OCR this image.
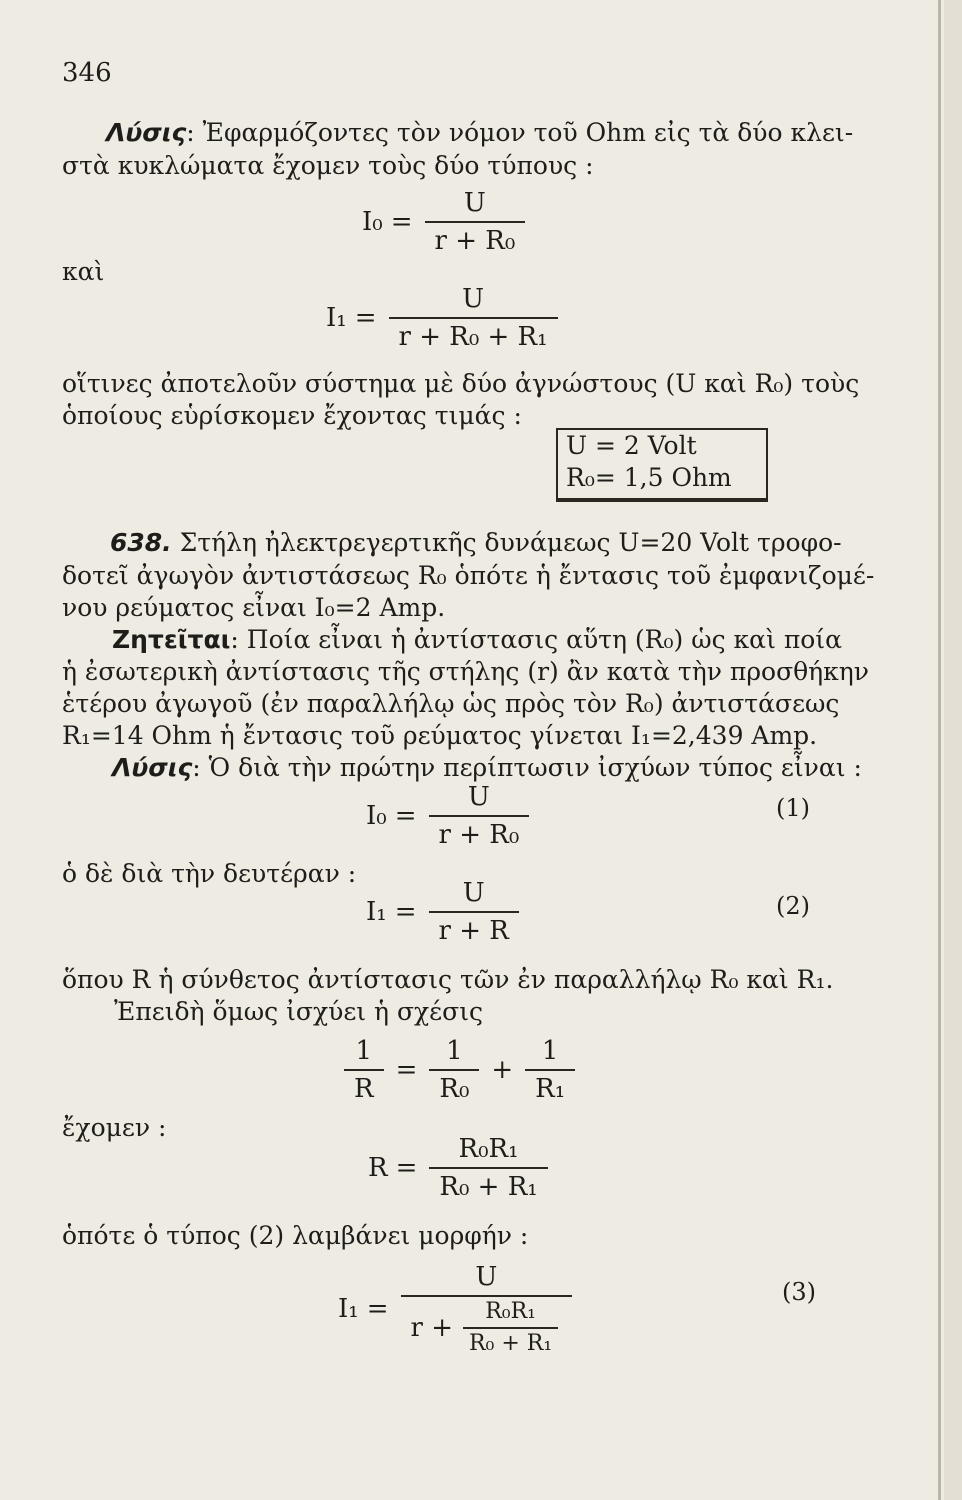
346
Λύσις: Ἐφαρμόζοντες τὸν νόμον τοῦ Ohm εἰς τὰ δύο κλει-
στὰ κυκλώματα ἔχομεν τοὺς δύο τύπους :
$I_0 = \frac{U}{\text{r + R₀}}$
καὶ
$I_1 = \frac{U}{\text{r + R₀ + R₁}}$
οἵτινες ἀποτελοῦν σύστημα μὲ δύο ἀγνώστους (U καὶ R₀) τοὺς
ὁποίους εὑρίσκομεν ἔχοντας τιμάς :
U = 2 Volt
R₀= 1,5 Ohm
638. Στήλη ἠλεκτρεγερτικῆς δυνάμεως U=20 Volt τροφο-
δοτεῖ ἀγωγὸν ἀντιστάσεως R₀ ὁπότε ἡ ἔντασις τοῦ ἐμφανιζομέ-
νου ρεύματος εἶναι I₀=2 Amp.
Ζητεῖται: Ποία εἶναι ἡ ἀντίστασις αὕτη (R₀) ὡς καὶ ποία
ἡ ἐσωτερικὴ ἀντίστασις τῆς στήλης (r) ἂν κατὰ τὴν προσθήκην
ἑτέρου ἀγωγοῦ (ἐν παραλλήλῳ ὡς πρὸς τὸν R₀) ἀντιστάσεως
R₁=14 Ohm ἡ ἔντασις τοῦ ρεύματος γίνεται I₁=2,439 Amp.
Λύσις: Ὁ διὰ τὴν πρώτην περίπτωσιν ἰσχύων τύπος εἶναι :
$I_0 = \frac{U}{\text{r + R₀}}$	(1)
ὁ δὲ διὰ τὴν δευτέραν :
$I_1 = \frac{U}{r + R}$	(2)
ὅπου R ἡ σύνθετος ἀντίστασις τῶν ἐν παραλλήλῳ R₀ καὶ R₁.
Ἐπειδὴ ὅμως ἰσχύει ἡ σχέσις
$\frac{1}{R} = \frac{1}{\text{R₀}} + \frac{1}{\text{R₁}}$
ἔχομεν :
$R = \frac{\text{R₀R₁}}{\text{R₀ + R₁}}$
ὁπότε ὁ τύπος (2) λαμβάνει μορφήν :
$I_1 = \frac{U}{r + \frac{\text{R₀R₁}}{\text{R₀ + R₁}}}$	(3)
